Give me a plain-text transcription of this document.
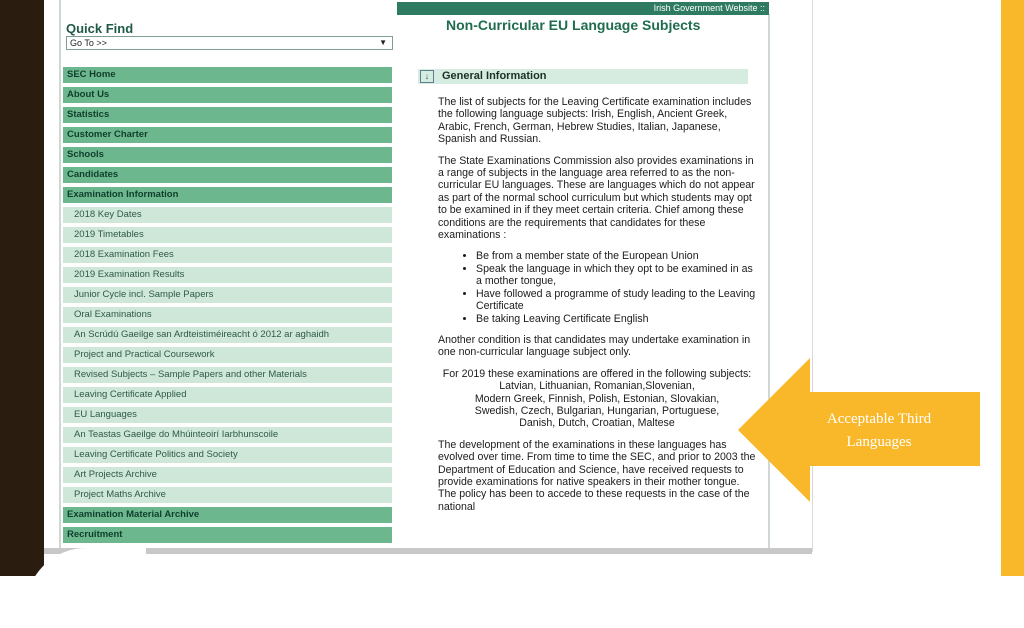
Irish Government Website ::
Quick Find
Go To >>	▼
SEC Home
About Us
Statistics
Customer Charter
Schools
Candidates
Examination Information
2018 Key Dates
2019 Timetables
2018 Examination Fees
2019 Examination Results
Junior Cycle incl. Sample Papers
Oral Examinations
An Scrúdú Gaeilge san Ardteistiméireacht ó 2012 ar aghaidh
Project and Practical Coursework
Revised Subjects – Sample Papers and other Materials
Leaving Certificate Applied
EU Languages
An Teastas Gaeilge do Mhúinteoirí Iarbhunscoile
Leaving Certificate Politics and Society
Art Projects Archive
Project Maths Archive
Examination Material Archive
Recruitment
Non-Curricular EU Language Subjects
↓	General Information

The list of subjects for the Leaving Certificate examination includes the following language subjects: Irish, English, Ancient Greek, Arabic, French, German, Hebrew Studies, Italian, Japanese, Spanish and Russian.

The State Examinations Commission also provides examinations in a range of subjects in the language area referred to as the non-curricular EU languages. These are languages which do not appear as part of the normal school curriculum but which students may opt to be examined in if they meet certain criteria. Chief among these conditions are the requirements that candidates for these examinations :

• Be from a member state of the European Union
• Speak the language in which they opt to be examined in as a mother tongue,
• Have followed a programme of study leading to the Leaving Certificate
• Be taking Leaving Certificate English

Another condition is that candidates may undertake examination in one non-curricular language subject only.

For 2019 these examinations are offered in the following subjects:
Latvian, Lithuanian, Romanian,Slovenian,
Modern Greek, Finnish, Polish, Estonian, Slovakian,
Swedish, Czech, Bulgarian, Hungarian, Portuguese,
Danish, Dutch, Croatian, Maltese

The development of the examinations in these languages has evolved over time. From time to time the SEC, and prior to 2003 the Department of Education and Science, have received requests to provide examinations for native speakers in their mother tongue. The policy has been to accede to these requests in the case of the national

Acceptable Third
Languages
